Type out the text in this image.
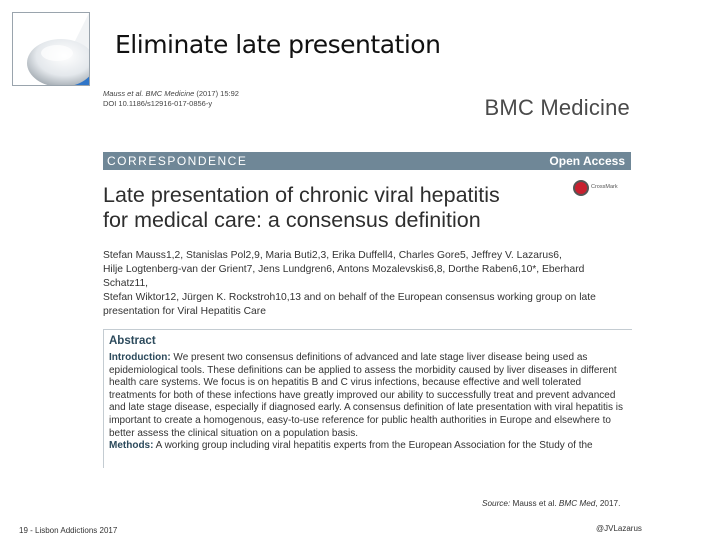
Eliminate late presentation
Mauss et al. BMC Medicine (2017) 15:92
DOI 10.1186/s12916-017-0856-y	BMC Medicine
CORRESPONDENCE	Open Access
Late presentation of chronic viral hepatitis
for medical care: a consensus definition
CrossMark
Stefan Mauss1,2, Stanislas Pol2,9, Maria Buti2,3, Erika Duffell4, Charles Gore5, Jeffrey V. Lazarus6,
Hilje Logtenberg-van der Grient7, Jens Lundgren6, Antons Mozalevskis6,8, Dorthe Raben6,10*, Eberhard Schatz11,
Stefan Wiktor12, Jürgen K. Rockstroh10,13 and on behalf of the European consensus working group on late
presentation for Viral Hepatitis Care
Abstract

Introduction: We present two consensus definitions of advanced and late stage liver disease being used as epidemiological tools. These definitions can be applied to assess the morbidity caused by liver diseases in different health care systems. We focus is on hepatitis B and C virus infections, because effective and well tolerated treatments for both of these infections have greatly improved our ability to successfully treat and prevent advanced and late stage disease, especially if diagnosed early. A consensus definition of late presentation with viral hepatitis is important to create a homogenous, easy-to-use reference for public health authorities in Europe and elsewhere to better assess the clinical situation on a population basis.
Methods: A working group including viral hepatitis experts from the European Association for the Study of the

Source: Mauss et al. BMC Med, 2017.
19 - Lisbon Addictions 2017	@JVLazarus
